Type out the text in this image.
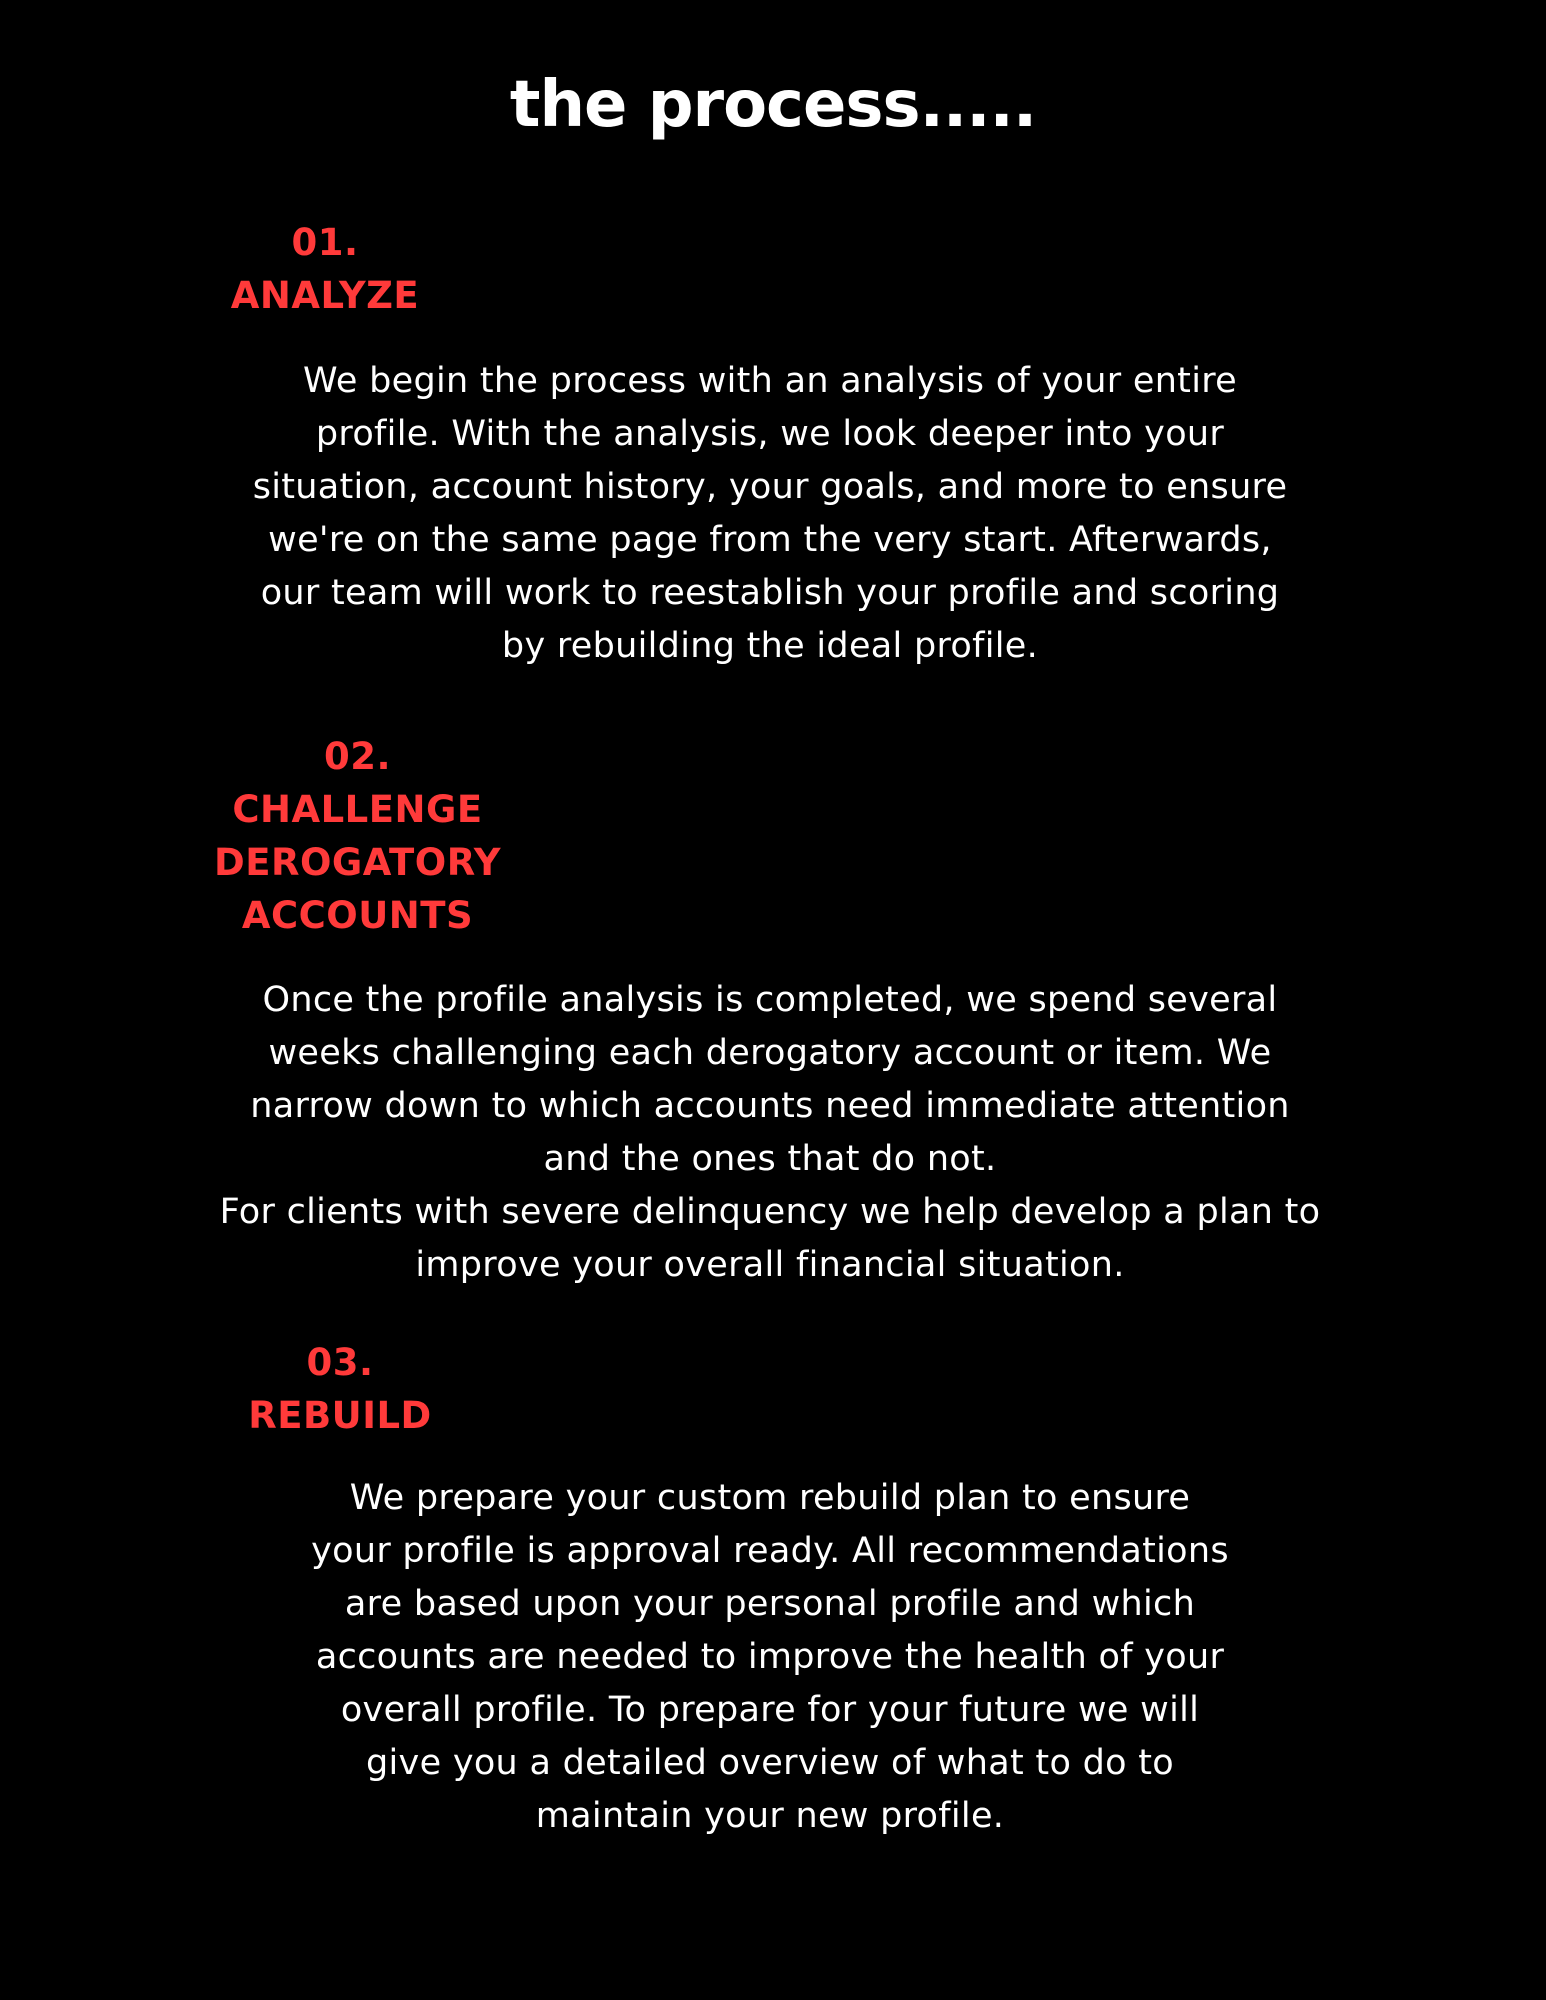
the process.....
01.
ANALYZE
We begin the process with an analysis of your entire
profile. With the analysis, we look deeper into your
situation, account history, your goals, and more to ensure
we're on the same page from the very start. Afterwards,
our team will work to reestablish your profile and scoring
by rebuilding the ideal profile.
02.
CHALLENGE
DEROGATORY
ACCOUNTS
Once the profile analysis is completed, we spend several
weeks challenging each derogatory account or item. We
narrow down to which accounts need immediate attention
and the ones that do not.
For clients with severe delinquency we help develop a plan to
improve your overall financial situation.
03.
REBUILD
We prepare your custom rebuild plan to ensure
your profile is approval ready. All recommendations
are based upon your personal profile and which
accounts are needed to improve the health of your
overall profile. To prepare for your future we will
give you a detailed overview of what to do to
maintain your new profile.
